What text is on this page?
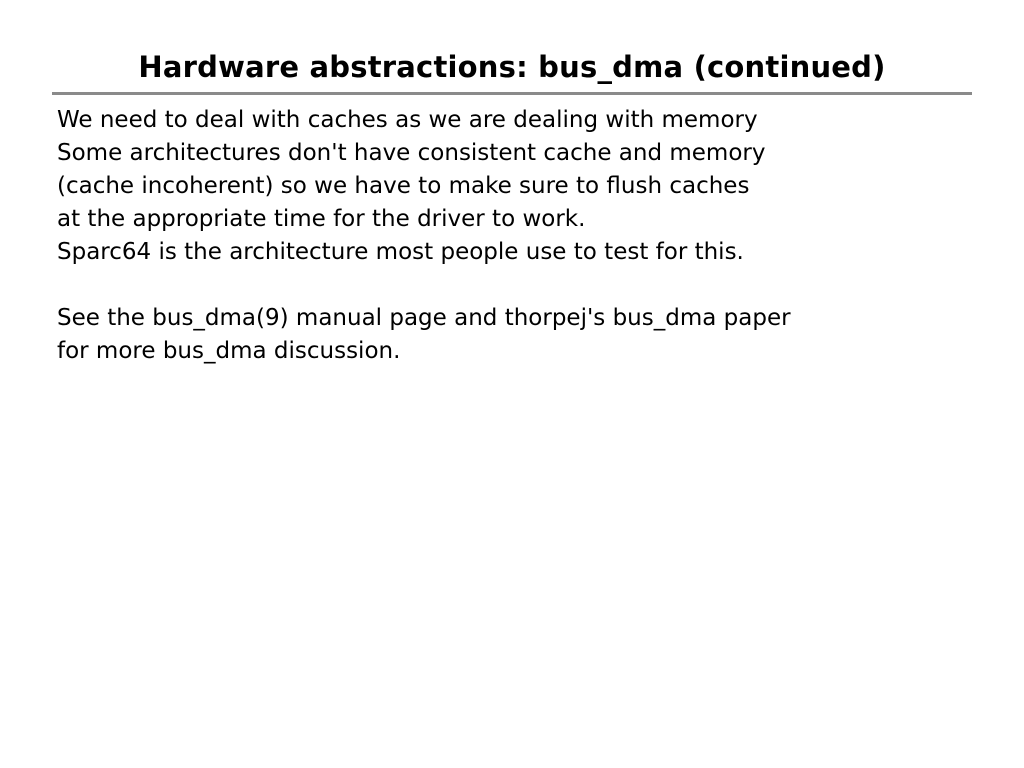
Hardware abstractions: bus_dma (continued)
We need to deal with caches as we are dealing with memory
Some architectures don't have consistent cache and memory
(cache incoherent) so we have to make sure to flush caches
at the appropriate time for the driver to work.
Sparc64 is the architecture most people use to test for this.
See the bus_dma(9) manual page and thorpej's bus_dma paper
for more bus_dma discussion.
